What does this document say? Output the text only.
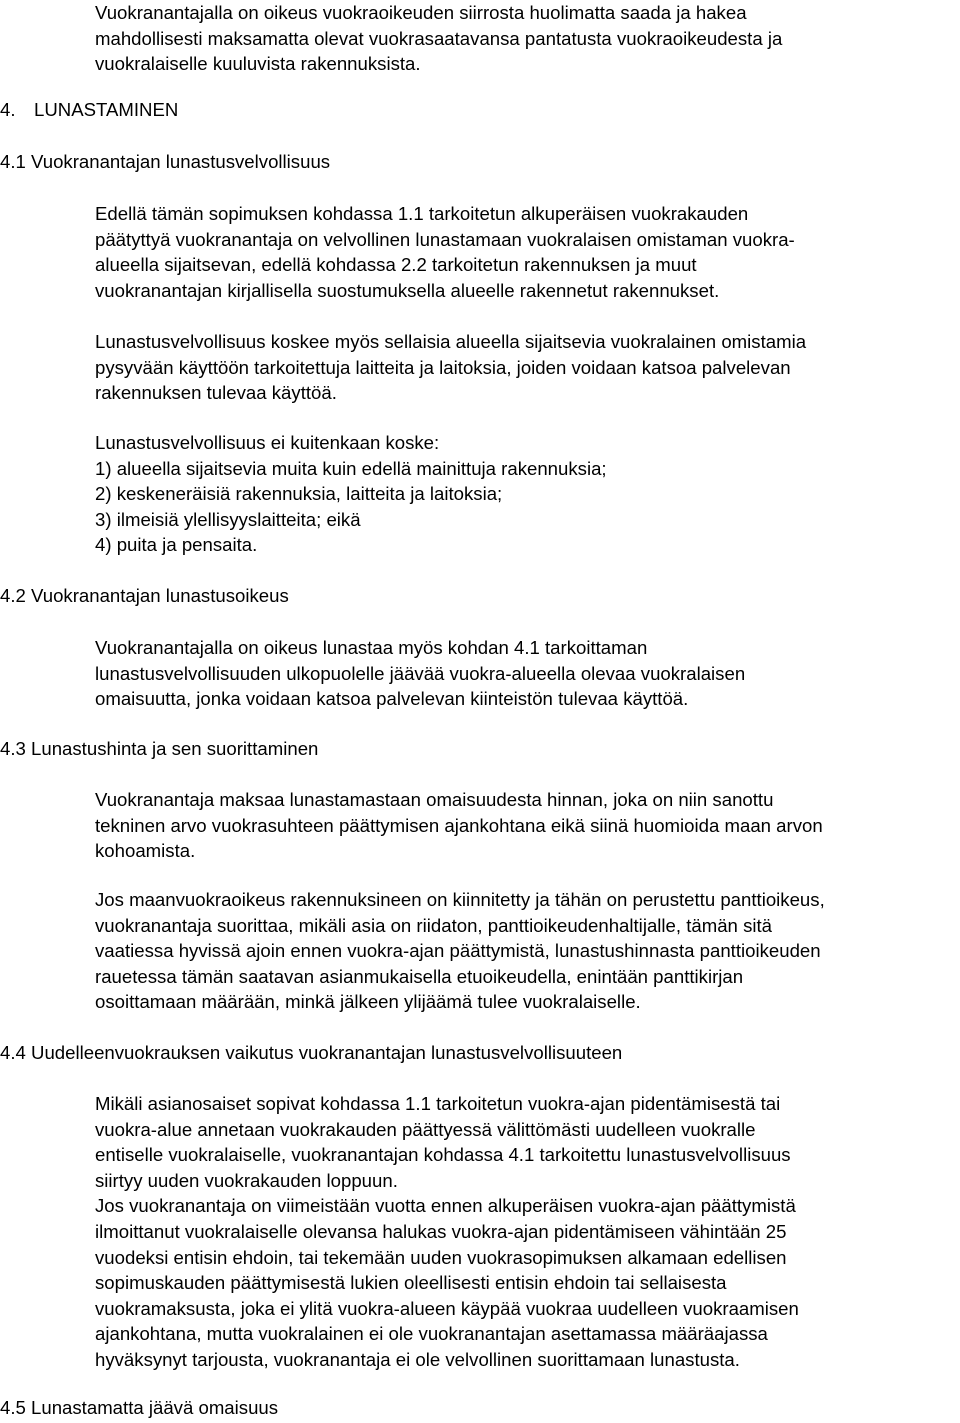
Vuokranantajalla on oikeus vuokraoikeuden siirrosta huolimatta saada ja hakea
mahdollisesti maksamatta olevat vuokrasaatavansa pantatusta vuokraoikeudesta ja
vuokralaiselle kuuluvista rakennuksista.

4. LUNASTAMINEN
4.1 Vuokranantajan lunastusvelvollisuus

Edellä tämän sopimuksen kohdassa 1.1 tarkoitetun alkuperäisen vuokrakauden
päätyttyä vuokranantaja on velvollinen lunastamaan vuokralaisen omistaman vuokra-
alueella sijaitsevan, edellä kohdassa 2.2 tarkoitetun rakennuksen ja muut
vuokranantajan kirjallisella suostumuksella alueelle rakennetut rakennukset.

Lunastusvelvollisuus koskee myös sellaisia alueella sijaitsevia vuokralainen omistamia
pysyvään käyttöön tarkoitettuja laitteita ja laitoksia, joiden voidaan katsoa palvelevan
rakennuksen tulevaa käyttöä.

Lunastusvelvollisuus ei kuitenkaan koske:
1) alueella sijaitsevia muita kuin edellä mainittuja rakennuksia;
2) keskeneräisiä rakennuksia, laitteita ja laitoksia;
3) ilmeisiä ylellisyyslaitteita; eikä
4) puita ja pensaita.

4.2 Vuokranantajan lunastusoikeus

Vuokranantajalla on oikeus lunastaa myös kohdan 4.1 tarkoittaman
lunastusvelvollisuuden ulkopuolelle jäävää vuokra-alueella olevaa vuokralaisen
omaisuutta, jonka voidaan katsoa palvelevan kiinteistön tulevaa käyttöä.

4.3 Lunastushinta ja sen suorittaminen

Vuokranantaja maksaa lunastamastaan omaisuudesta hinnan, joka on niin sanottu
tekninen arvo vuokrasuhteen päättymisen ajankohtana eikä siinä huomioida maan arvon
kohoamista.

Jos maanvuokraoikeus rakennuksineen on kiinnitetty ja tähän on perustettu panttioikeus,
vuokranantaja suorittaa, mikäli asia on riidaton, panttioikeudenhaltijalle, tämän sitä
vaatiessa hyvissä ajoin ennen vuokra-ajan päättymistä, lunastushinnasta panttioikeuden
rauetessa tämän saatavan asianmukaisella etuoikeudella, enintään panttikirjan
osoittamaan määrään, minkä jälkeen ylijäämä tulee vuokralaiselle.

4.4 Uudelleenvuokrauksen vaikutus vuokranantajan lunastusvelvollisuuteen

Mikäli asianosaiset sopivat kohdassa 1.1 tarkoitetun vuokra-ajan pidentämisestä tai
vuokra-alue annetaan vuokrakauden päättyessä välittömästi uudelleen vuokralle
entiselle vuokralaiselle, vuokranantajan kohdassa 4.1 tarkoitettu lunastusvelvollisuus
siirtyy uuden vuokrakauden loppuun.
Jos vuokranantaja on viimeistään vuotta ennen alkuperäisen vuokra-ajan päättymistä
ilmoittanut vuokralaiselle olevansa halukas vuokra-ajan pidentämiseen vähintään 25
vuodeksi entisin ehdoin, tai tekemään uuden vuokrasopimuksen alkamaan edellisen
sopimuskauden päättymisestä lukien oleellisesti entisin ehdoin tai sellaisesta
vuokramaksusta, joka ei ylitä vuokra-alueen käypää vuokraa uudelleen vuokraamisen
ajankohtana, mutta vuokralainen ei ole vuokranantajan asettamassa määräajassa
hyväksynyt tarjousta, vuokranantaja ei ole velvollinen suorittamaan lunastusta.

4.5 Lunastamatta jäävä omaisuus
